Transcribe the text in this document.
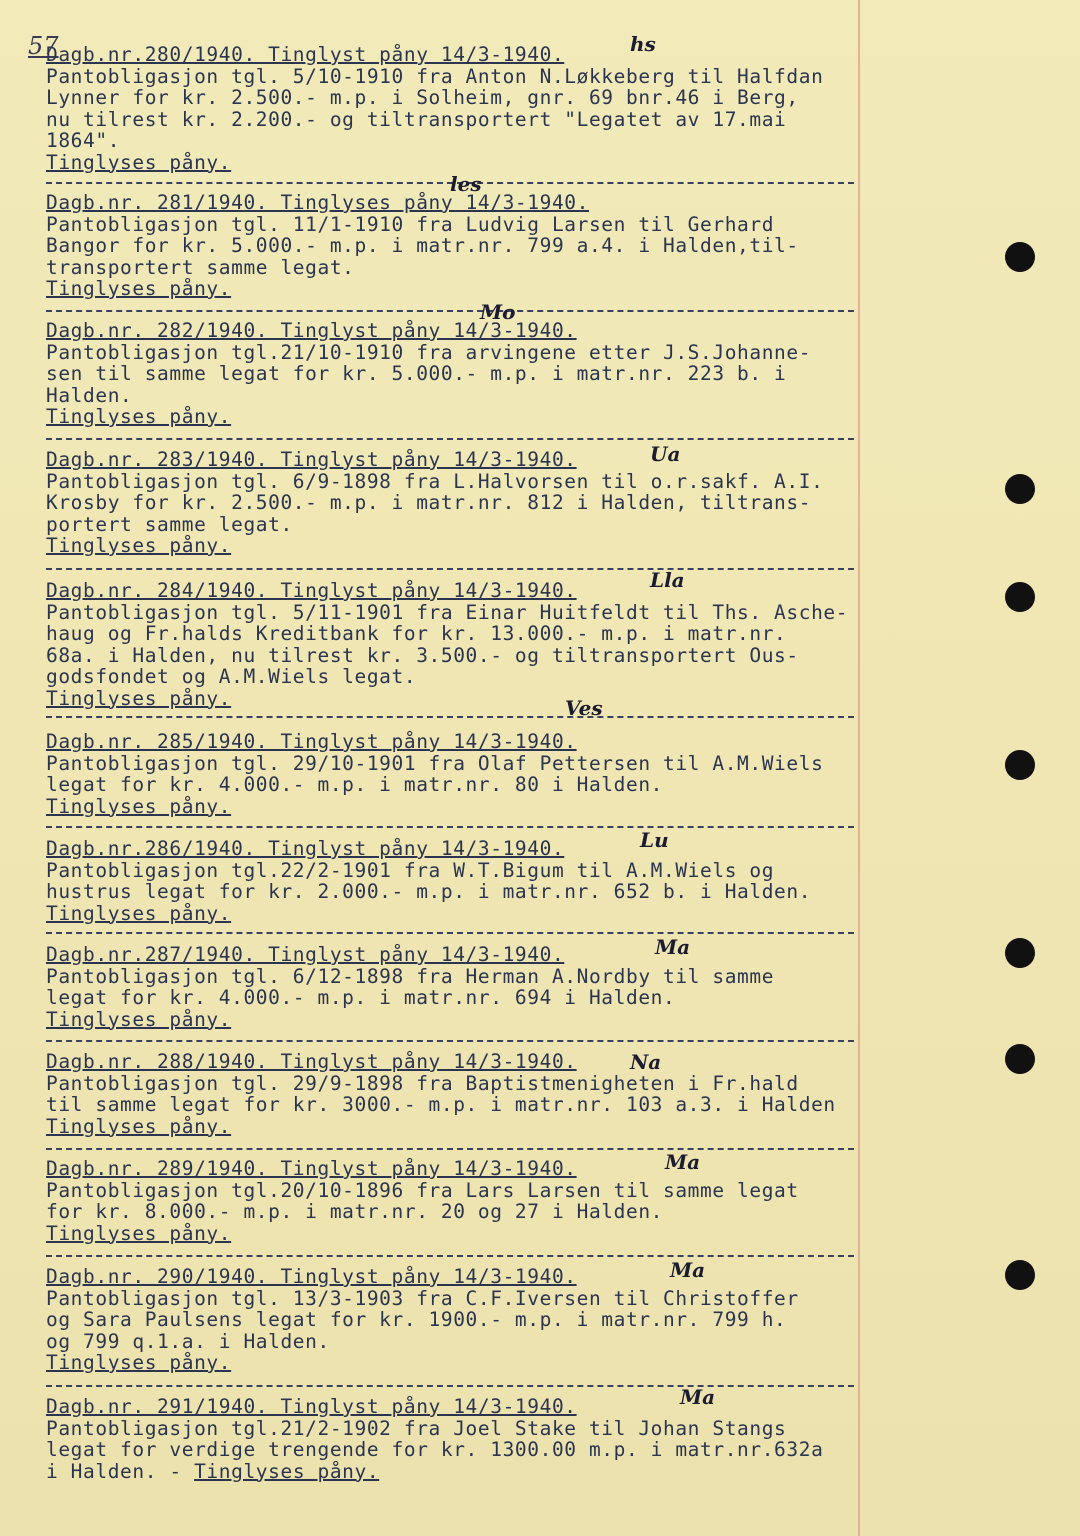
57
Dagb.nr.280/1940. Tinglyst påny 14/3-1940.
Pantobligasjon tgl. 5/10-1910 fra Anton N.Løkkeberg til Halfdan
Lynner for kr. 2.500.- m.p. i Solheim, gnr. 69 bnr.46 i Berg,
nu tilrest kr. 2.200.- og tiltransportert "Legatet av 17.mai
1864".
Tinglyses påny.
hs
Dagb.nr. 281/1940. Tinglyses påny 14/3-1940.
Pantobligasjon tgl. 11/1-1910 fra Ludvig Larsen til Gerhard
Bangor for kr. 5.000.- m.p. i matr.nr. 799 a.4. i Halden,til-
transportert samme legat.
Tinglyses påny.
les
Dagb.nr. 282/1940. Tinglyst påny 14/3-1940.
Pantobligasjon tgl.21/10-1910 fra arvingene etter J.S.Johanne-
sen til samme legat for kr. 5.000.- m.p. i matr.nr. 223 b. i
Halden.
Tinglyses påny.
Mo
Dagb.nr. 283/1940. Tinglyst påny 14/3-1940.
Pantobligasjon tgl. 6/9-1898 fra L.Halvorsen til o.r.sakf. A.I.
Krosby for kr. 2.500.- m.p. i matr.nr. 812 i Halden, tiltrans-
portert samme legat.
Tinglyses påny.
Ua
Dagb.nr. 284/1940. Tinglyst påny 14/3-1940.
Pantobligasjon tgl. 5/11-1901 fra Einar Huitfeldt til Ths. Asche-
haug og Fr.halds Kreditbank for kr. 13.000.- m.p. i matr.nr.
68a. i Halden, nu tilrest kr. 3.500.- og tiltransportert Ous-
godsfondet og A.M.Wiels legat.
Tinglyses påny.
Lla
Dagb.nr. 285/1940. Tinglyst påny 14/3-1940.
Pantobligasjon tgl. 29/10-1901 fra Olaf Pettersen til A.M.Wiels
legat for kr. 4.000.- m.p. i matr.nr. 80 i Halden.
Tinglyses påny.
Ves
Dagb.nr.286/1940. Tinglyst påny 14/3-1940.
Pantobligasjon tgl.22/2-1901 fra W.T.Bigum til A.M.Wiels og
hustrus legat for kr. 2.000.- m.p. i matr.nr. 652 b. i Halden.
Tinglyses påny.
Lu
Dagb.nr.287/1940. Tinglyst påny 14/3-1940.
Pantobligasjon tgl. 6/12-1898 fra Herman A.Nordby til samme
legat for kr. 4.000.- m.p. i matr.nr. 694 i Halden.
Tinglyses påny.
Ma
Dagb.nr. 288/1940. Tinglyst påny 14/3-1940.
Pantobligasjon tgl. 29/9-1898 fra Baptistmenigheten i Fr.hald
til samme legat for kr. 3000.- m.p. i matr.nr. 103 a.3. i Halden
Tinglyses påny.
Na
Dagb.nr. 289/1940. Tinglyst påny 14/3-1940.
Pantobligasjon tgl.20/10-1896 fra Lars Larsen til samme legat
for kr. 8.000.- m.p. i matr.nr. 20 og 27 i Halden.
Tinglyses påny.
Ma
Dagb.nr. 290/1940. Tinglyst påny 14/3-1940.
Pantobligasjon tgl. 13/3-1903 fra C.F.Iversen til Christoffer
og Sara Paulsens legat for kr. 1900.- m.p. i matr.nr. 799 h.
og 799 q.1.a. i Halden.
Tinglyses påny.
Ma
Dagb.nr. 291/1940. Tinglyst påny 14/3-1940.
Pantobligasjon tgl.21/2-1902 fra Joel Stake til Johan Stangs
legat for verdige trengende for kr. 1300.00 m.p. i matr.nr.632a
i Halden. - Tinglyses påny.
Ma
